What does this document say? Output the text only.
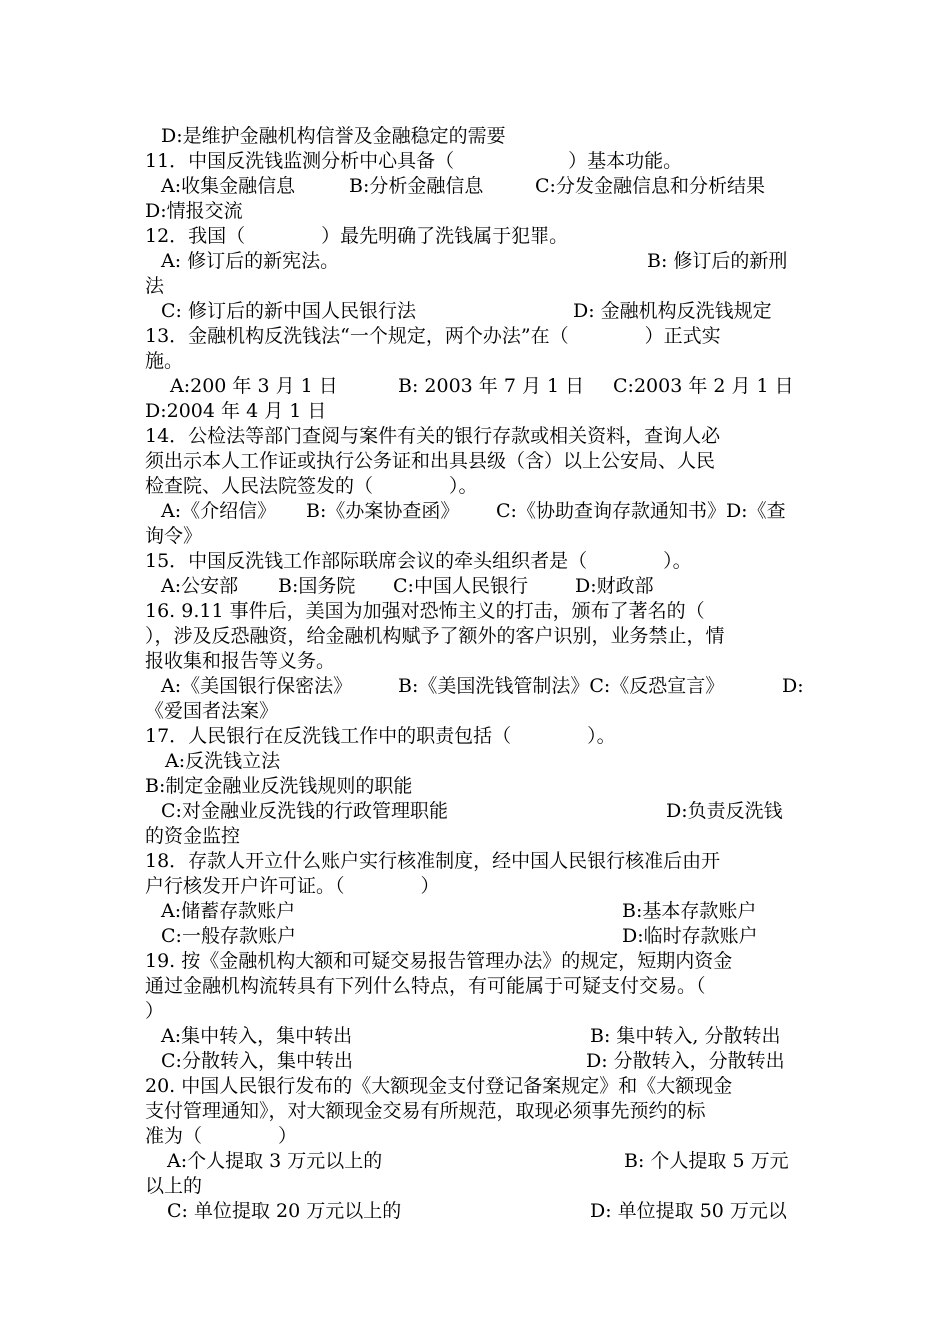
D:是维护金融机构信誉及金融稳定的需要
11．中国反洗钱监测分析中心具备（　　　　　　）基本功能。
A:收集金融信息	B:分析金融信息	C:分发金融信息和分析结果
D:情报交流
12．我国（　　　　）最先明确了洗钱属于犯罪。
A: 修订后的新宪法。	B: 修订后的新刑
法
C: 修订后的新中国人民银行法	D: 金融机构反洗钱规定
13．金融机构反洗钱法“一个规定，两个办法”在（　　　　）正式实
施。
A:200 年 3 月 1 日	B: 2003 年 7 月 1 日 C:2003 年 2 月 1 日
D:2004 年 4 月 1 日
14．公检法等部门查阅与案件有关的银行存款或相关资料，查询人必
须出示本人工作证或执行公务证和出具县级（含）以上公安局、人民
检查院、人民法院签发的（　　　　）。
A:《介绍信》 B:《办案协查函》 C:《协助查询存款通知书》D:《查
询令》
15．中国反洗钱工作部际联席会议的牵头组织者是（　　　　）。
A:公安部 B:国务院 C:中国人民银行 D:财政部
16. 9.11 事件后，美国为加强对恐怖主义的打击，颁布了著名的（
），涉及反恐融资，给金融机构赋予了额外的客户识别，业务禁止，情
报收集和报告等义务。
A:《美国银行保密法》 B:《美国洗钱管制法》C:《反恐宣言》	D:
《爱国者法案》
17．人民银行在反洗钱工作中的职责包括（　　　　）。
A:反洗钱立法
B:制定金融业反洗钱规则的职能
C:对金融业反洗钱的行政管理职能	D:负责反洗钱
的资金监控
18．存款人开立什么账户实行核准制度，经中国人民银行核准后由开
户行核发开户许可证。（　　　　）
A:储蓄存款账户	B:基本存款账户
C:一般存款账户	D:临时存款账户
19. 按《金融机构大额和可疑交易报告管理办法》的规定，短期内资金
通过金融机构流转具有下列什么特点，有可能属于可疑支付交易。（
）
A:集中转入，集中转出	B: 集中转入, 分散转出
C:分散转入，集中转出	D: 分散转入，分散转出
20. 中国人民银行发布的《大额现金支付登记备案规定》和《大额现金
支付管理通知》，对大额现金交易有所规范，取现必须事先预约的标
准为（　　　　）
A:个人提取 3 万元以上的	B: 个人提取 5 万元
以上的
C: 单位提取 20 万元以上的	D: 单位提取 50 万元以
